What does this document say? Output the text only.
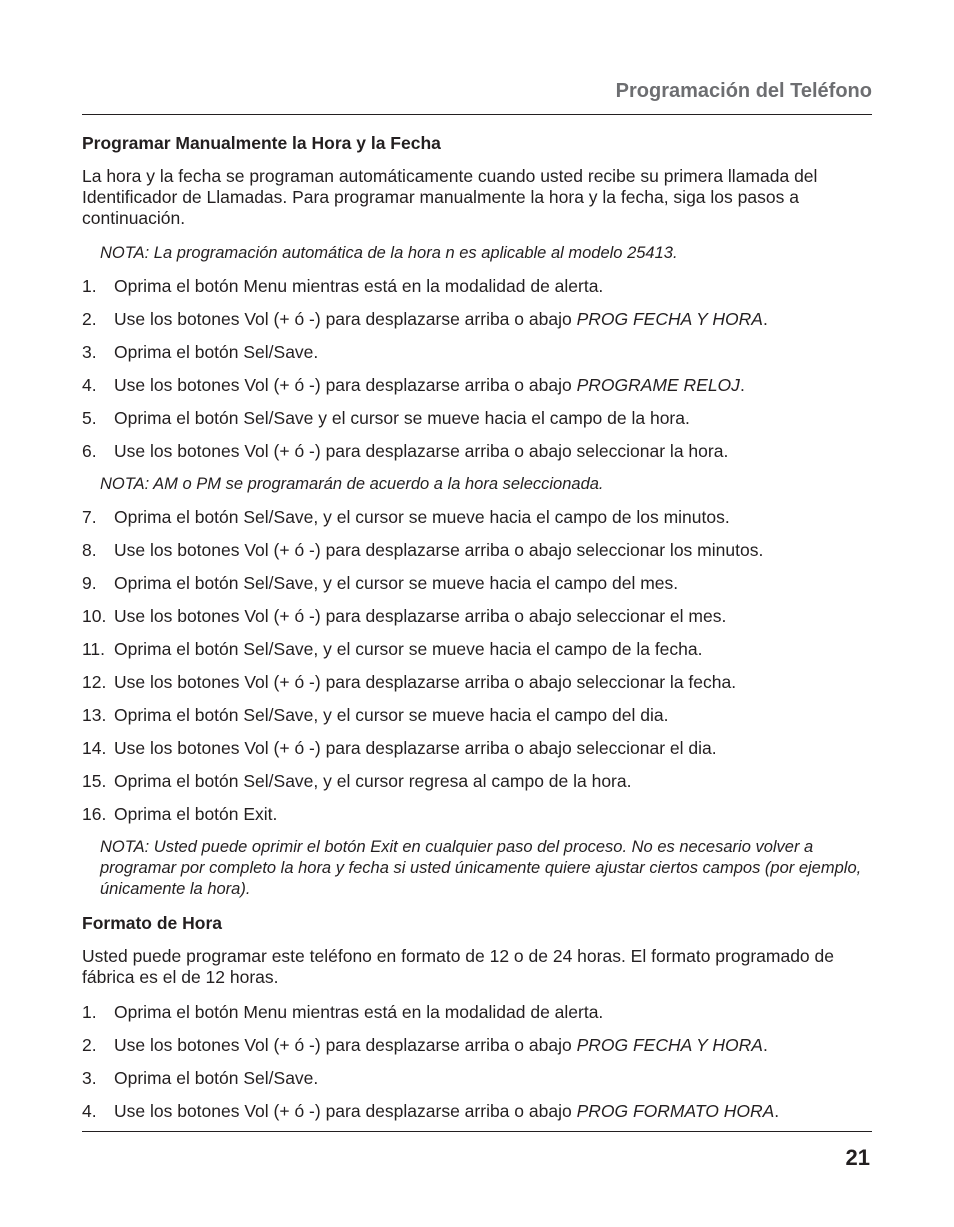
Programación del Teléfono
Programar Manualmente la Hora y la Fecha

La hora y la fecha se programan automáticamente cuando usted recibe su primera llamada del Identificador de Llamadas. Para programar manualmente la hora y la fecha, siga los pasos a continuación.

NOTA: La programación automática de la hora n es aplicable al modelo 25413.

1. Oprima el botón Menu mientras está en la modalidad de alerta.
2. Use los botones Vol (+ ó -) para desplazarse arriba o abajo PROG FECHA Y HORA.
3. Oprima el botón Sel/Save.
4. Use los botones Vol (+ ó -) para desplazarse arriba o abajo PROGRAME RELOJ.
5. Oprima el botón Sel/Save y el cursor se mueve hacia el campo de la hora.
6. Use los botones Vol (+ ó -) para desplazarse arriba o abajo seleccionar la hora.

NOTA: AM o PM se programarán de acuerdo a la hora seleccionada.

7. Oprima el botón Sel/Save, y el cursor se mueve hacia el campo de los minutos.
8. Use los botones Vol (+ ó -) para desplazarse arriba o abajo seleccionar los minutos.
9. Oprima el botón Sel/Save, y el cursor se mueve hacia el campo del mes.
10. Use los botones Vol (+ ó -) para desplazarse arriba o abajo seleccionar el mes.
11. Oprima el botón Sel/Save, y el cursor se mueve hacia el campo de la fecha.
12. Use los botones Vol (+ ó -) para desplazarse arriba o abajo seleccionar la fecha.
13. Oprima el botón Sel/Save, y el cursor se mueve hacia el campo del dia.
14. Use los botones Vol (+ ó -) para desplazarse arriba o abajo seleccionar el dia.
15. Oprima el botón Sel/Save, y el cursor regresa al campo de la hora.
16. Oprima el botón Exit.

NOTA: Usted puede oprimir el botón Exit en cualquier paso del proceso. No es necesario volver a programar por completo la hora y fecha si usted únicamente quiere ajustar ciertos campos (por ejemplo, únicamente la hora).

Formato de Hora

Usted puede programar este teléfono en formato de 12 o de 24 horas. El formato programado de fábrica es el de 12 horas.

1. Oprima el botón Menu mientras está en la modalidad de alerta.
2. Use los botones Vol (+ ó -) para desplazarse arriba o abajo PROG FECHA Y HORA.
3. Oprima el botón Sel/Save.
4. Use los botones Vol (+ ó -) para desplazarse arriba o abajo PROG FORMATO HORA.

21
